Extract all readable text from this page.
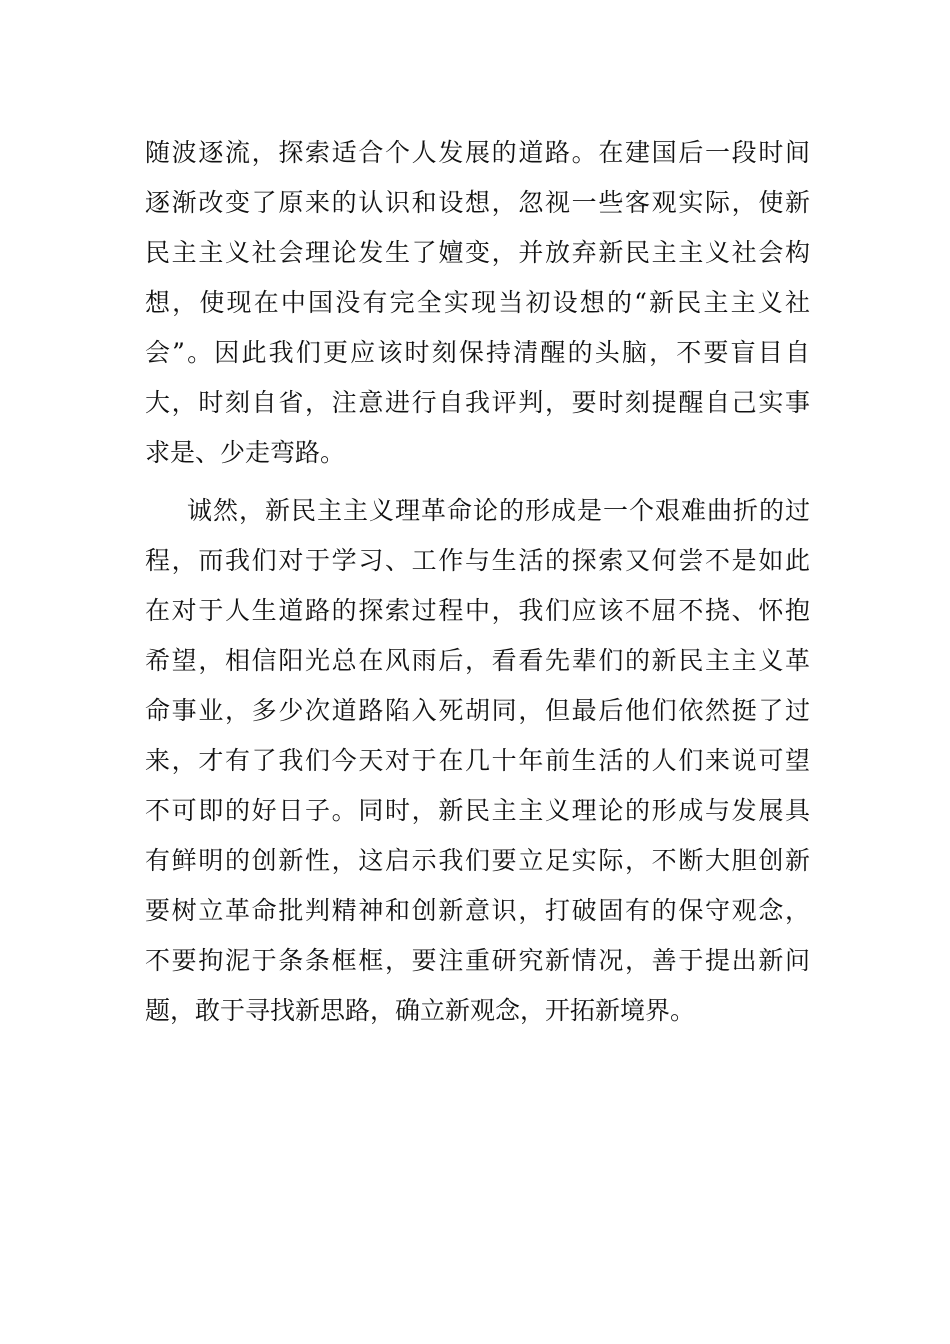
随波逐流，探索适合个人发展的道路。在建国后一段时间
逐渐改变了原来的认识和设想，忽视一些客观实际，使新
民主主义社会理论发生了嬗变，并放弃新民主主义社会构
想，使现在中国没有完全实现当初设想的“新民主主义社
会”。因此我们更应该时刻保持清醒的头脑，不要盲目自
大，时刻自省，注意进行自我评判，要时刻提醒自己实事
求是、少走弯路。
诚然，新民主主义理革命论的形成是一个艰难曲折的过
程，而我们对于学习、工作与生活的探索又何尝不是如此
在对于人生道路的探索过程中，我们应该不屈不挠、怀抱
希望，相信阳光总在风雨后，看看先辈们的新民主主义革
命事业，多少次道路陷入死胡同，但最后他们依然挺了过
来，才有了我们今天对于在几十年前生活的人们来说可望
不可即的好日子。同时，新民主主义理论的形成与发展具
有鲜明的创新性，这启示我们要立足实际，不断大胆创新
要树立革命批判精神和创新意识，打破固有的保守观念，
不要拘泥于条条框框，要注重研究新情况，善于提出新问
题，敢于寻找新思路，确立新观念，开拓新境界。
